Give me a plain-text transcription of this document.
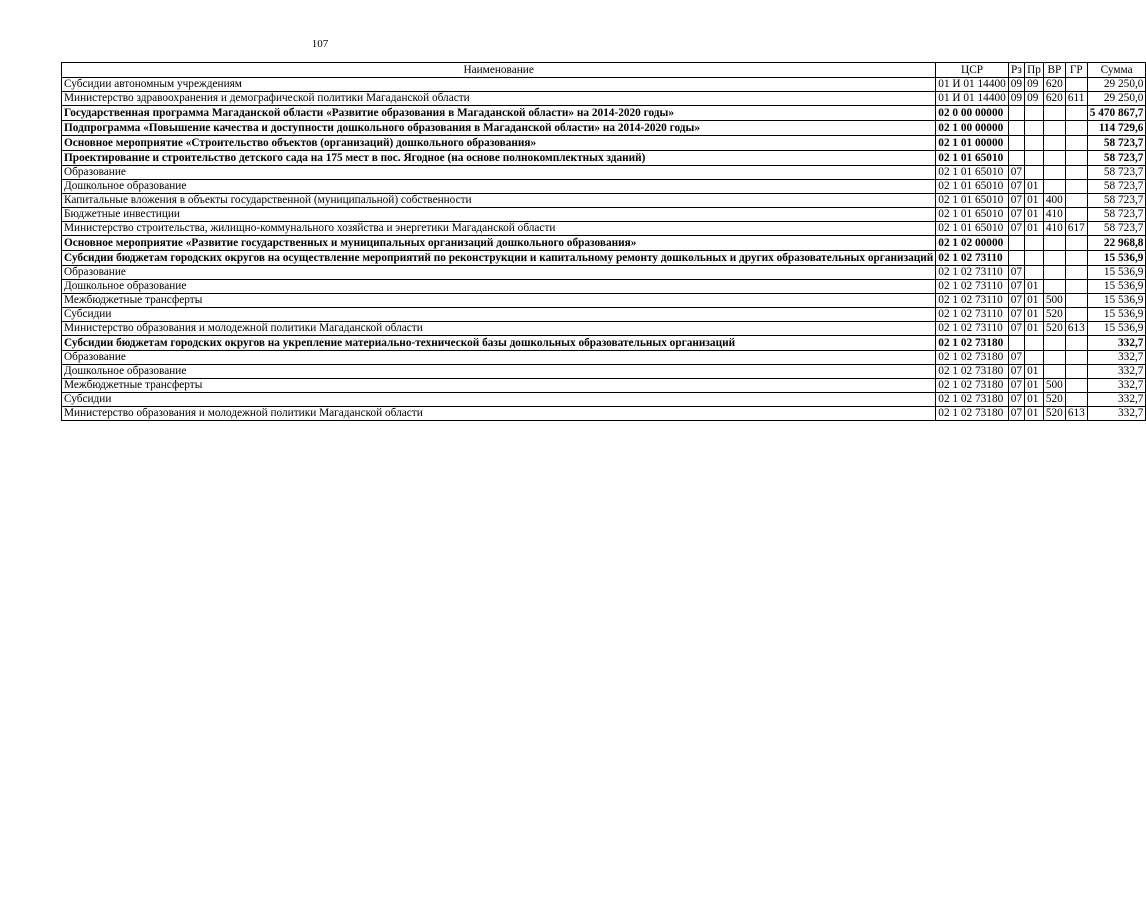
107
Наименование	ЦСР	Рз	Пр	ВР	ГР	Сумма
Субсидии автономным учреждениям	01 И 01 14400	09	09	620		29 250,0
Министерство здравоохранения и демографической политики Магаданской области	01 И 01 14400	09	09	620	611	29 250,0
Государственная программа Магаданской области «Развитие образования в Магаданской области» на 2014-2020 годы»	02 0 00 00000					5 470 867,7
Подпрограмма «Повышение качества и доступности дошкольного образования в Магаданской области» на 2014-2020 годы»	02 1 00 00000					114 729,6
Основное мероприятие «Строительство объектов (организаций) дошкольного образования»	02 1 01 00000					58 723,7
Проектирование и строительство детского сада на 175 мест в пос. Ягодное (на основе полнокомплектных зданий)	02 1 01 65010					58 723,7
Образование	02 1 01 65010	07				58 723,7
Дошкольное образование	02 1 01 65010	07	01			58 723,7
Капитальные вложения в объекты государственной (муниципальной) собственности	02 1 01 65010	07	01	400		58 723,7
Бюджетные инвестиции	02 1 01 65010	07	01	410		58 723,7
Министерство строительства, жилищно-коммунального хозяйства и энергетики Магаданской области	02 1 01 65010	07	01	410	617	58 723,7
Основное мероприятие «Развитие государственных и муниципальных организаций дошкольного образования»	02 1 02 00000					22 968,8
Субсидии бюджетам городских округов на осуществление мероприятий по реконструкции и капитальному ремонту дошкольных и других образовательных организаций	02 1 02 73110					15 536,9
Образование	02 1 02 73110	07				15 536,9
Дошкольное образование	02 1 02 73110	07	01			15 536,9
Межбюджетные трансферты	02 1 02 73110	07	01	500		15 536,9
Субсидии	02 1 02 73110	07	01	520		15 536,9
Министерство образования и молодежной политики Магаданской области	02 1 02 73110	07	01	520	613	15 536,9
Субсидии бюджетам городских округов на укрепление материально-технической базы дошкольных образовательных организаций	02 1 02 73180					332,7
Образование	02 1 02 73180	07				332,7
Дошкольное образование	02 1 02 73180	07	01			332,7
Межбюджетные трансферты	02 1 02 73180	07	01	500		332,7
Субсидии	02 1 02 73180	07	01	520		332,7
Министерство образования и молодежной политики Магаданской области	02 1 02 73180	07	01	520	613	332,7
